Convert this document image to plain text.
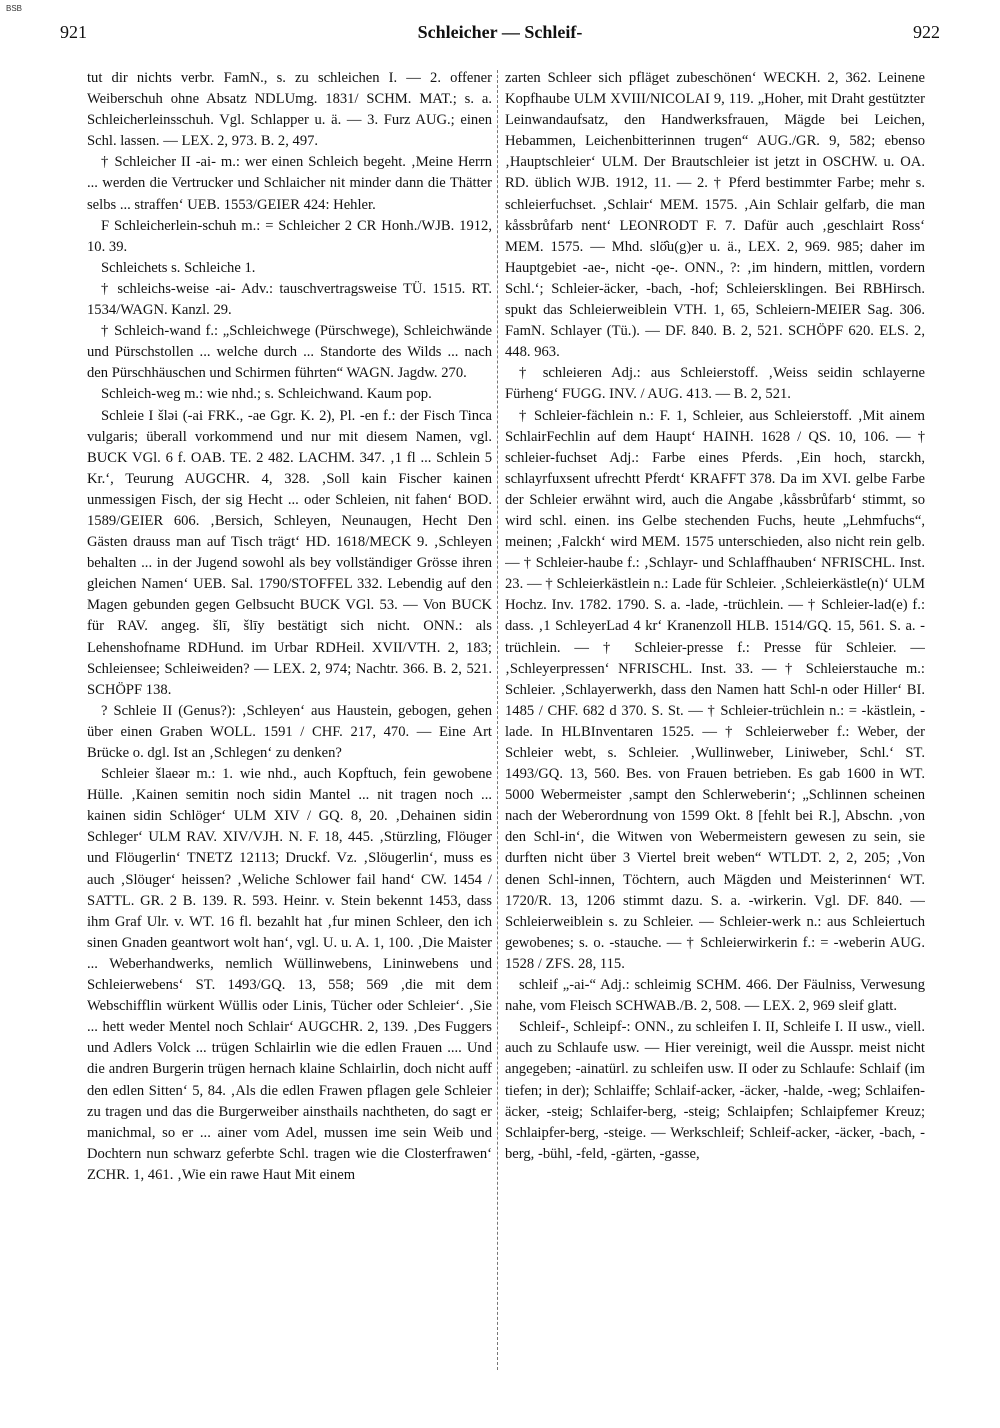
BSB
921	Schleicher — Schleif-	922

tut dir nichts verbr. FamN., s. zu schleichen I. — 2. offener Weiberschuh ohne Absatz NDLUmg. 1831/ SCHM. MAT.; s. a. Schleicherleinsschuh. Vgl. Schlapper u. ä. — 3. Furz AUG.; einen Schl. lassen. — LEX. 2, 973. B. 2, 497.

† Schleicher II -ai- m.: wer einen Schleich begeht. ‚Meine Herrn ... werden die Vertrucker und Schlaicher nit minder dann die Thätter selbs ... straffen‘ UEB. 1553/GEIER 424: Hehler.

F Schleicherlein-schuh m.: = Schleicher 2 CR Honh./WJB. 1912, 10. 39.

Schleichets s. Schleiche 1.

† schleichs-weise -ai- Adv.: tauschvertragsweise TÜ. 1515. RT. 1534/WAGN. Kanzl. 29.

† Schleich-wand f.: „Schleichwege (Pürschwege), Schleichwände und Pürschstollen ... welche durch ... Standorte des Wilds ... nach den Pürschhäuschen und Schirmen führten“ WAGN. Jagdw. 270.

Schleich-weg m.: wie nhd.; s. Schleichwand. Kaum pop.

Schleie I šlǝi (-ai FRK., -ae Ggr. K. 2), Pl. -en f.: der Fisch Tinca vulgaris; überall vorkommend und nur mit diesem Namen, vgl. BUCK VGl. 6 f. OAB. TE. 2 482. LACHM. 347. ‚1 fl ... Schlein 5 Kr.‘, Teurung AUGCHR. 4, 328. ‚Soll kain Fischer kainen unmessigen Fisch, der sig Hecht ... oder Schleien, nit fahen‘ BOD. 1589/GEIER 606. ‚Bersich, Schleyen, Neunaugen, Hecht Den Gästen drauss man auf Tisch trägt‘ HD. 1618/MECK 9. ‚Schleyen behalten ... in der Jugend sowohl als bey vollständiger Grösse ihren gleichen Namen‘ UEB. Sal. 1790/STOFFEL 332. Lebendig auf den Magen gebunden gegen Gelbsucht BUCK VGl. 53. — Von BUCK für RAV. angeg. šlī, šlīy bestätigt sich nicht. ONN.: als Lehenshofname RDHund. im Urbar RDHeil. XVII/VTH. 2, 183; Schleiensee; Schleiweiden? — LEX. 2, 974; Nachtr. 366. B. 2, 521. SCHÖPF 138.

? Schleie II (Genus?): ‚Schleyen‘ aus Haustein, gebogen, gehen über einen Graben WOLL. 1591 / CHF. 217, 470. — Eine Art Brücke o. dgl. Ist an ‚Schlegen‘ zu denken?

Schleier šlaeǝr m.: 1. wie nhd., auch Kopftuch, fein gewobene Hülle. ‚Kainen semitin noch sidin Mantel ... nit tragen noch ... kainen sidin Schlöger‘ ULM XIV / GQ. 8, 20. ‚Dehainen sidin Schleger‘ ULM RAV. XIV/VJH. N. F. 18, 445. ‚Stürzling, Flöuger und Flöugerlin‘ TNETZ 12113; Druckf. Vz. ‚Slöugerlin‘, muss es auch ‚Slöuger‘ heissen? ‚Weliche Schlower fail hand‘ CW. 1454 / SATTL. GR. 2 B. 139. R. 593. Heinr. v. Stein bekennt 1453, dass ihm Graf Ulr. v. WT. 16 fl. bezahlt hat ‚fur minen Schleer, den ich sinen Gnaden geantwort wolt han‘, vgl. U. u. A. 1, 100. ‚Die Maister ... Weberhandwerks, nemlich Wüllinwebens, Lininwebens und Schleierwebens‘ ST. 1493/GQ. 13, 558; 569 ‚die mit dem Webschifflin würkent Wüllis oder Linis, Tücher oder Schleier‘. ‚Sie ... hett weder Mentel noch Schlair‘ AUGCHR. 2, 139. ‚Des Fuggers und Adlers Volck ... trügen Schlairlin wie die edlen Frauen .... Und die andren Burgerin trügen hernach klaine Schlairlin, doch nicht auff den edlen Sitten‘ 5, 84. ‚Als die edlen Frawen pflagen gele Schleier zu tragen und das die Burgerweiber ainsthails nachtheten, do sagt er manichmal, so er ... ainer vom Adel, mussen ime sein Weib und Dochtern nun schwarz geferbte Schl. tragen wie die Closterfrawen‘ ZCHR. 1, 461. ‚Wie ein rawe Haut Mit einem

zarten Schleer sich pfläget zubeschönen‘ WECKH. 2, 362. Leinene Kopfhaube ULM XVIII/NICOLAI 9, 119. „Hoher, mit Draht gestützter Leinwandaufsatz, den Handwerksfrauen, Mägde bei Leichen, Hebammen, Leichenbitterinnen trugen“ AUG./GR. 9, 582; ebenso ‚Hauptschleier‘ ULM. Der Brautschleier ist jetzt in OSCHW. u. OA. RD. üblich WJB. 1912, 11. — 2. † Pferd bestimmter Farbe; mehr s. schleierfuchset. ‚Schlair‘ MEM. 1575. ‚Ain Schlair gelfarb, die man kåssbrůfarb nent‘ LEONRODT F. 7. Dafür auch ‚geschlairt Ross‘ MEM. 1575. — Mhd. slö̂u(g)er u. ä., LEX. 2, 969. 985; daher im Hauptgebiet -ae-, nicht -ǫe-. ONN., ?: ‚im hindern, mittlen, vordern Schl.‘; Schleier-äcker, -bach, -hof; Schleiersklingen. Bei RBHirsch. spukt das Schleierweiblein VTH. 1, 65, Schleiern-MEIER Sag. 306. FamN. Schlayer (Tü.). — DF. 840. B. 2, 521. SCHÖPF 620. ELS. 2, 448. 963.

† schleieren Adj.: aus Schleierstoff. ‚Weiss seidin schlayerne Fürheng‘ FUGG. INV. / AUG. 413. — B. 2, 521.

† Schleier-fächlein n.: F. 1, Schleier, aus Schleierstoff. ‚Mit ainem SchlairFechlin auf dem Haupt‘ HAINH. 1628 / QS. 10, 106. — † schleier-fuchset Adj.: Farbe eines Pferds. ‚Ein hoch, starckh, schlayrfuxsent ufrechtt Pferdt‘ KRAFFT 378. Da im XVI. gelbe Farbe der Schleier erwähnt wird, auch die Angabe ‚kåssbrůfarb‘ stimmt, so wird schl. einen. ins Gelbe stechenden Fuchs, heute „Lehmfuchs“, meinen; ‚Falckh‘ wird MEM. 1575 unterschieden, also nicht rein gelb. — † Schleier-haube f.: ‚Schlayr- und Schlaffhauben‘ NFRISCHL. Inst. 23. — † Schleierkästlein n.: Lade für Schleier. ‚Schleierkästle(n)‘ ULM Hochz. Inv. 1782. 1790. S. a. -lade, -trüchlein. — † Schleier-lad(e) f.: dass. ‚1 SchleyerLad 4 kr‘ Kranenzoll HLB. 1514/GQ. 15, 561. S. a. -trüchlein. — † Schleier-presse f.: Presse für Schleier. — ‚Schleyerpressen‘ NFRISCHL. Inst. 33. — † Schleierstauche m.: Schleier. ‚Schlayerwerkh, dass den Namen hatt Schl-n oder Hiller‘ BI. 1485 / CHF. 682 d 370. S. St. — † Schleier-trüchlein n.: = -kästlein, -lade. In HLBInventaren 1525. — † Schleierweber f.: Weber, der Schleier webt, s. Schleier. ‚Wullinweber, Liniweber, Schl.‘ ST. 1493/GQ. 13, 560. Bes. von Frauen betrieben. Es gab 1600 in WT. 5000 Webermeister ‚sampt den Schlerweberin‘; „Schlinnen scheinen nach der Weberordnung von 1599 Okt. 8 [fehlt bei R.], Abschn. ‚von den Schl-in‘, die Witwen von Webermeistern gewesen zu sein, sie durften nicht über 3 Viertel breit weben“ WTLDT. 2, 2, 205; ‚Von denen Schl-innen, Töchtern, auch Mägden und Meisterinnen‘ WT. 1720/R. 13, 1206 stimmt dazu. S. a. -wirkerin. Vgl. DF. 840. — Schleierweiblein s. zu Schleier. — Schleier-werk n.: aus Schleiertuch gewobenes; s. o. -stauche. — † Schleierwirkerin f.: = -weberin AUG. 1528 / ZFS. 28, 115.

schleif „-ai-“ Adj.: schleimig SCHM. 466. Der Fäulniss, Verwesung nahe, vom Fleisch SCHWAB./B. 2, 508. — LEX. 2, 969 sleif glatt.

Schleif-, Schleipf-: ONN., zu schleifen I. II, Schleife I. II usw., viell. auch zu Schlaufe usw. — Hier vereinigt, weil die Ausspr. meist nicht angegeben; -ainatürl. zu schleifen usw. II oder zu Schlaufe: Schlaif (im tiefen; in der); Schlaiffe; Schlaif-acker, -äcker, -halde, -weg; Schlaifen-äcker, -steig; Schlaifer-berg, -steig; Schlaipfen; Schlaipfemer Kreuz; Schlaipfer-berg, -steige. — Werkschleif; Schleif-acker, -äcker, -bach, -berg, -bühl, -feld, -gärten, -gasse,
